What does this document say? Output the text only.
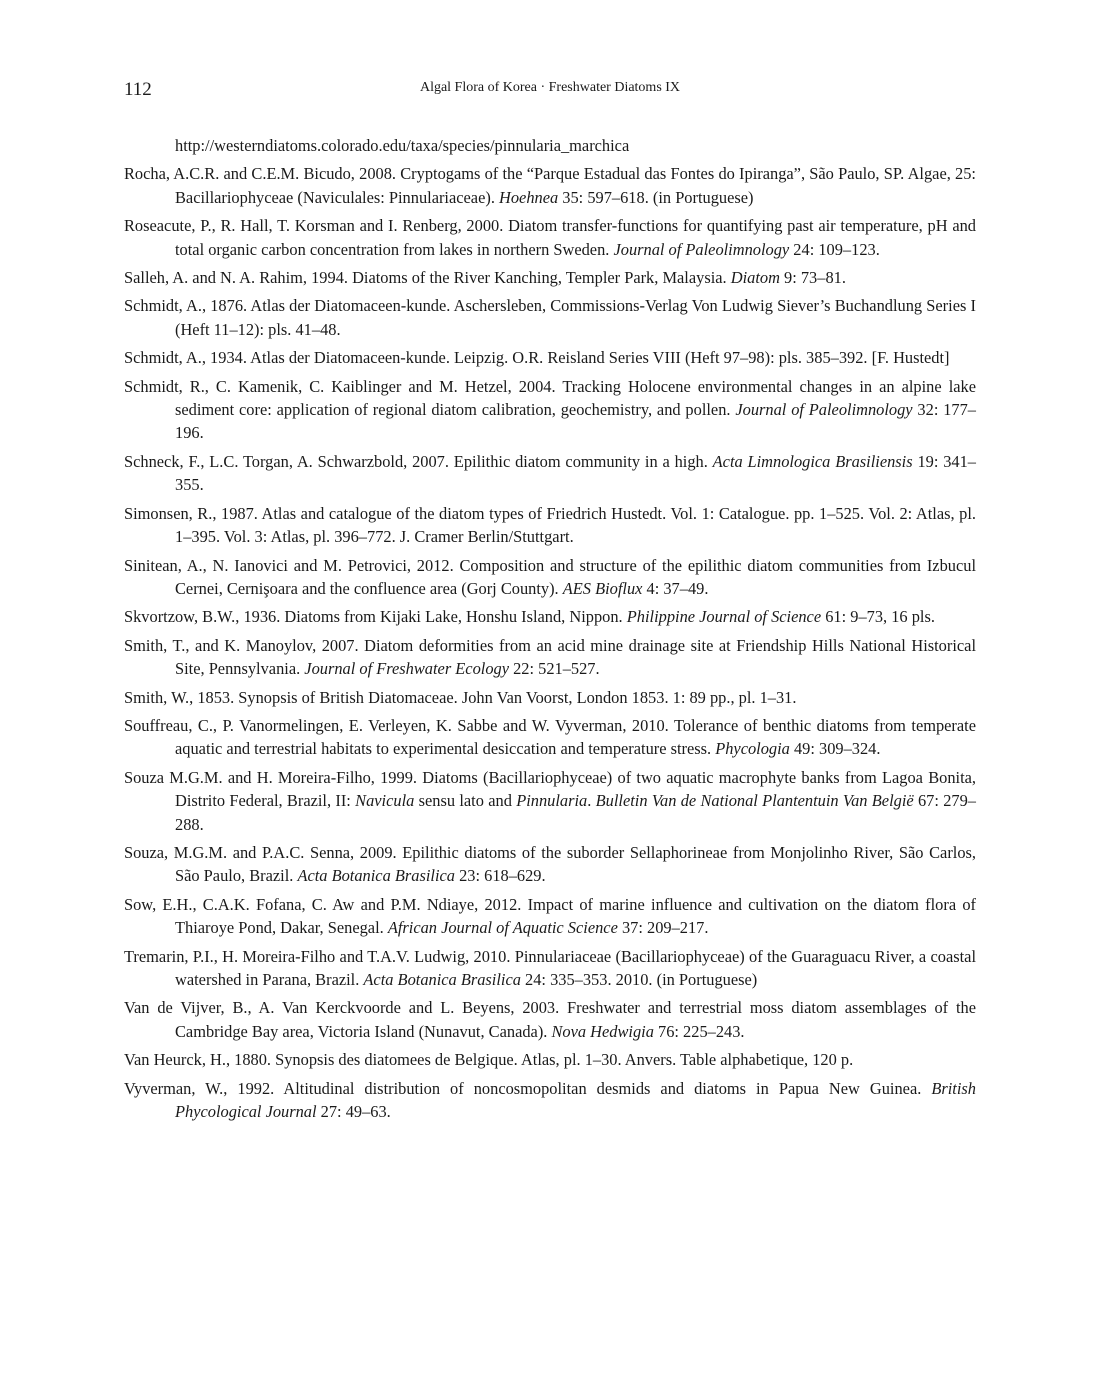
112	Algal Flora of Korea · Freshwater Diatoms IX

http://westerndiatoms.colorado.edu/taxa/species/pinnularia_marchica

Rocha, A.C.R. and C.E.M. Bicudo, 2008. Cryptogams of the “Parque Estadual das Fontes do Ipiranga”, São Paulo, SP. Algae, 25: Bacillariophyceae (Naviculales: Pinnulariaceae). Hoehnea 35: 597–618. (in Portuguese)

Roseacute, P., R. Hall, T. Korsman and I. Renberg, 2000. Diatom transfer-functions for quantifying past air temperature, pH and total organic carbon concentration from lakes in northern Sweden. Journal of Paleolimnology 24: 109–123.

Salleh, A. and N. A. Rahim, 1994. Diatoms of the River Kanching, Templer Park, Malaysia. Diatom 9: 73–81.

Schmidt, A., 1876. Atlas der Diatomaceen-kunde. Aschersleben, Commissions-Verlag Von Ludwig Siever’s Buchandlung Series I (Heft 11–12): pls. 41–48.

Schmidt, A., 1934. Atlas der Diatomaceen-kunde. Leipzig. O.R. Reisland Series VIII (Heft 97–98): pls. 385–392. [F. Hustedt]

Schmidt, R., C. Kamenik, C. Kaiblinger and M. Hetzel, 2004. Tracking Holocene environmental changes in an alpine lake sediment core: application of regional diatom calibration, geochemistry, and pollen. Journal of Paleolimnology 32: 177–196.

Schneck, F., L.C. Torgan, A. Schwarzbold, 2007. Epilithic diatom community in a high. Acta Limnologica Brasiliensis 19: 341–355.

Simonsen, R., 1987. Atlas and catalogue of the diatom types of Friedrich Hustedt. Vol. 1: Catalogue. pp. 1–525. Vol. 2: Atlas, pl. 1–395. Vol. 3: Atlas, pl. 396–772. J. Cramer Berlin/Stuttgart.

Sinitean, A., N. Ianovici and M. Petrovici, 2012. Composition and structure of the epilithic diatom communities from Izbucul Cernei, Cernişoara and the confluence area (Gorj County). AES Bioflux 4: 37–49.

Skvortzow, B.W., 1936. Diatoms from Kijaki Lake, Honshu Island, Nippon. Philippine Journal of Science 61: 9–73, 16 pls.

Smith, T., and K. Manoylov, 2007. Diatom deformities from an acid mine drainage site at Friendship Hills National Historical Site, Pennsylvania. Journal of Freshwater Ecology 22: 521–527.

Smith, W., 1853. Synopsis of British Diatomaceae. John Van Voorst, London 1853. 1: 89 pp., pl. 1–31.

Souffreau, C., P. Vanormelingen, E. Verleyen, K. Sabbe and W. Vyverman, 2010. Tolerance of benthic diatoms from temperate aquatic and terrestrial habitats to experimental desiccation and temperature stress. Phycologia 49: 309–324.

Souza M.G.M. and H. Moreira-Filho, 1999. Diatoms (Bacillariophyceae) of two aquatic macrophyte banks from Lagoa Bonita, Distrito Federal, Brazil, II: Navicula sensu lato and Pinnularia. Bulletin Van de National Plantentuin Van België 67: 279–288.

Souza, M.G.M. and P.A.C. Senna, 2009. Epilithic diatoms of the suborder Sellaphorineae from Monjolinho River, São Carlos, São Paulo, Brazil. Acta Botanica Brasilica 23: 618–629.

Sow, E.H., C.A.K. Fofana, C. Aw and P.M. Ndiaye, 2012. Impact of marine influence and cultivation on the diatom flora of Thiaroye Pond, Dakar, Senegal. African Journal of Aquatic Science 37: 209–217.

Tremarin, P.I., H. Moreira-Filho and T.A.V. Ludwig, 2010. Pinnulariaceae (Bacillariophyceae) of the Guaraguacu River, a coastal watershed in Parana, Brazil. Acta Botanica Brasilica 24: 335–353. 2010. (in Portuguese)

Van de Vijver, B., A. Van Kerckvoorde and L. Beyens, 2003. Freshwater and terrestrial moss diatom assemblages of the Cambridge Bay area, Victoria Island (Nunavut, Canada). Nova Hedwigia 76: 225–243.

Van Heurck, H., 1880. Synopsis des diatomees de Belgique. Atlas, pl. 1–30. Anvers. Table alphabetique, 120 p.

Vyverman, W., 1992. Altitudinal distribution of noncosmopolitan desmids and diatoms in Papua New Guinea. British Phycological Journal 27: 49–63.
